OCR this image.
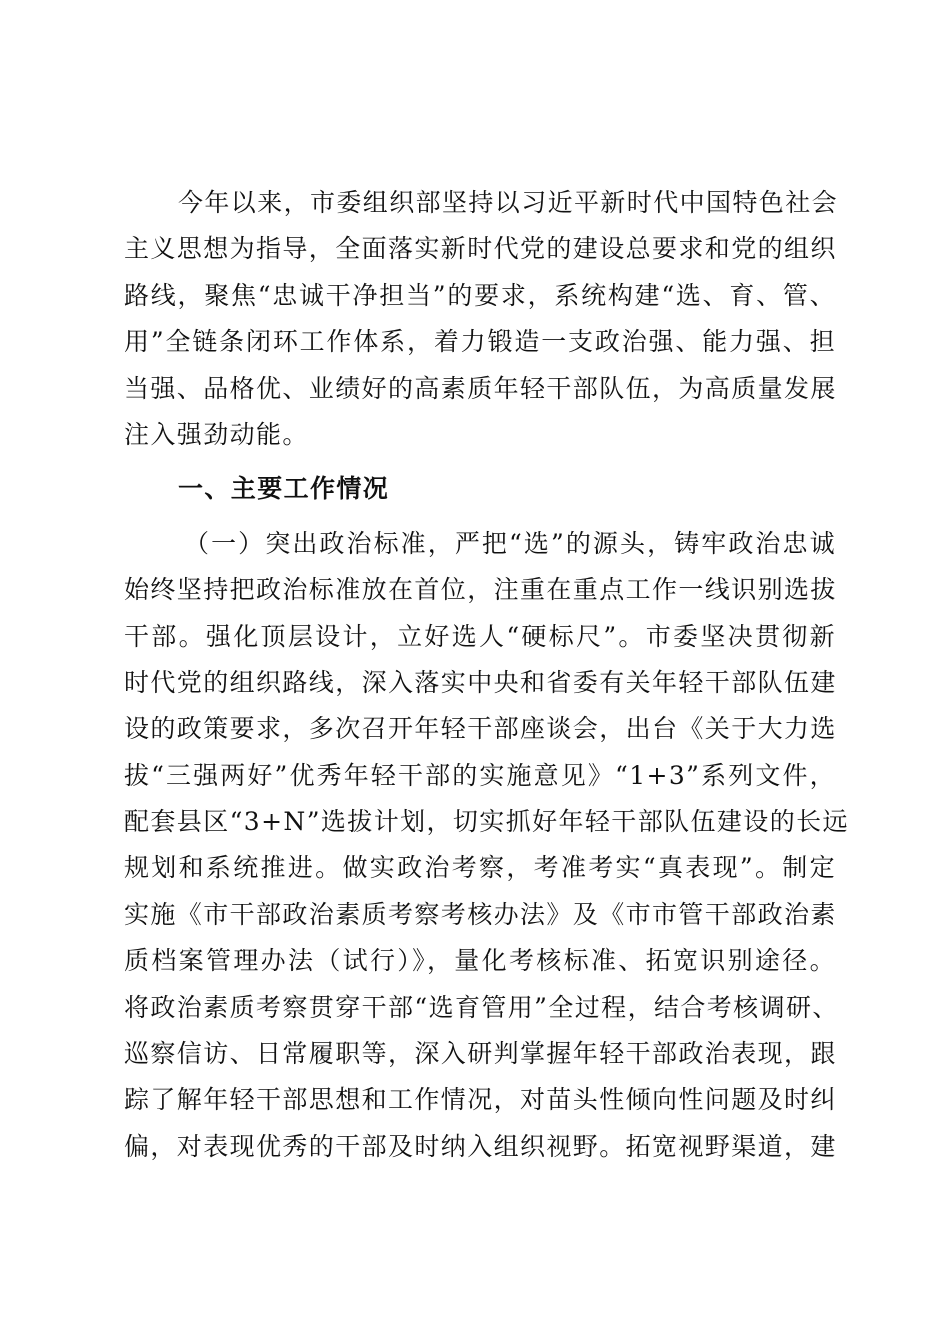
今年以来，市委组织部坚持以习近平新时代中国特色社会
主义思想为指导，全面落实新时代党的建设总要求和党的组织
路线，聚焦“忠诚干净担当”的要求，系统构建“选、育、管、
用”全链条闭环工作体系，着力锻造一支政治强、能力强、担
当强、品格优、业绩好的高素质年轻干部队伍，为高质量发展
注入强劲动能。
一、主要工作情况
（一）突出政治标准，严把“选”的源头，铸牢政治忠诚
始终坚持把政治标准放在首位，注重在重点工作一线识别选拔
干部。强化顶层设计，立好选人“硬标尺”。市委坚决贯彻新
时代党的组织路线，深入落实中央和省委有关年轻干部队伍建
设的政策要求，多次召开年轻干部座谈会，出台《关于大力选
拔“三强两好”优秀年轻干部的实施意见》“1+3”系列文件，
配套县区“3+N”选拔计划，切实抓好年轻干部队伍建设的长远
规划和系统推进。做实政治考察，考准考实“真表现”。制定
实施《市干部政治素质考察考核办法》及《市市管干部政治素
质档案管理办法（试行）》，量化考核标准、拓宽识别途径。
将政治素质考察贯穿干部“选育管用”全过程，结合考核调研、
巡察信访、日常履职等，深入研判掌握年轻干部政治表现，跟
踪了解年轻干部思想和工作情况，对苗头性倾向性问题及时纠
偏，对表现优秀的干部及时纳入组织视野。拓宽视野渠道，建
